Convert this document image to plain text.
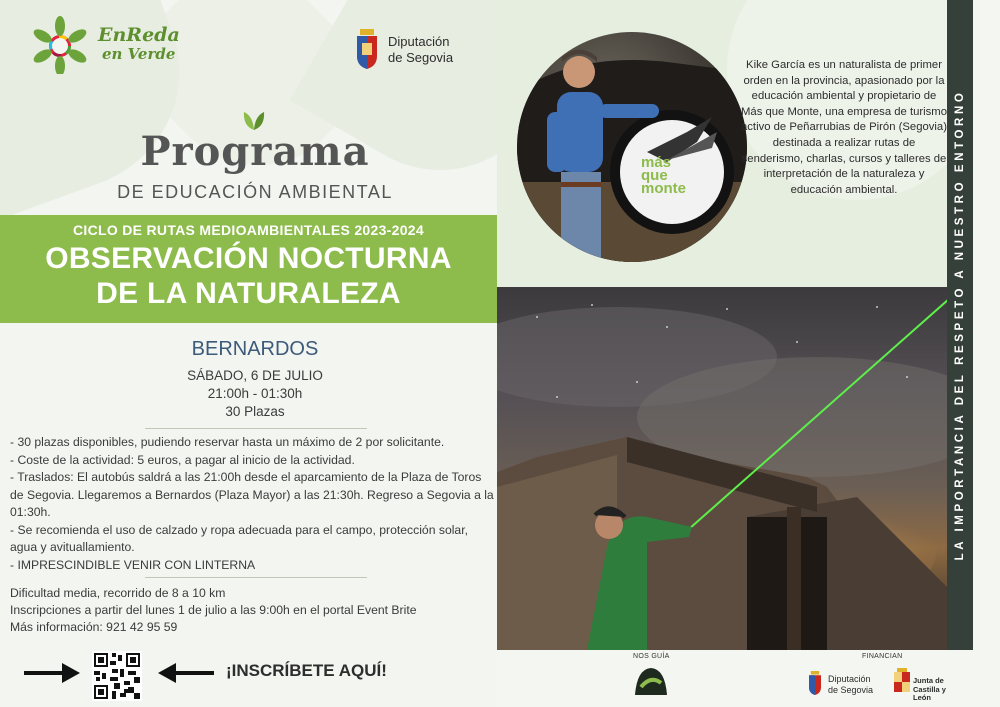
EnReda
en Verde
Diputación
de Segovia
Programa
DE EDUCACIÓN AMBIENTAL
CICLO DE RUTAS MEDIOAMBIENTALES 2023-2024
OBSERVACIÓN NOCTURNA
DE LA NATURALEZA
BERNARDOS
SÁBADO, 6 DE JULIO
21:00h - 01:30h
30 Plazas
- 30 plazas disponibles, pudiendo reservar hasta un máximo de 2 por solicitante.
- Coste de la actividad: 5 euros, a pagar al inicio de la actividad.
- Traslados: El autobús saldrá a las 21:00h desde el aparcamiento de la Plaza de Toros de Segovia. Llegaremos a Bernardos (Plaza Mayor) a las 21:30h. Regreso a Segovia a la 01:30h.
- Se recomienda el uso de calzado y ropa adecuada para el campo, protección solar, agua y avituallamiento.
- IMPRESCINDIBLE VENIR CON LINTERNA
Dificultad media, recorrido de 8 a 10 km
Inscripciones a partir del lunes 1 de julio a las 9:00h en el portal Event Brite
Más información: 921 42 95 59
¡INSCRÍBETE AQUÍ!
más
que
monte
Kike García es un naturalista de primer orden en la provincia, apasionado por la educación ambiental y propietario de Más que Monte, una empresa de turismo activo de Peñarrubias de Pirón (Segovia) destinada a realizar rutas de senderismo, charlas, cursos y talleres de interpretación de la naturaleza y educación ambiental.	LA IMPORTANCIA DEL RESPETO A NUESTRO ENTORNO
NOS GUÍA	FINANCIAN
Diputación
de Segovia
Junta de
Castilla y León
